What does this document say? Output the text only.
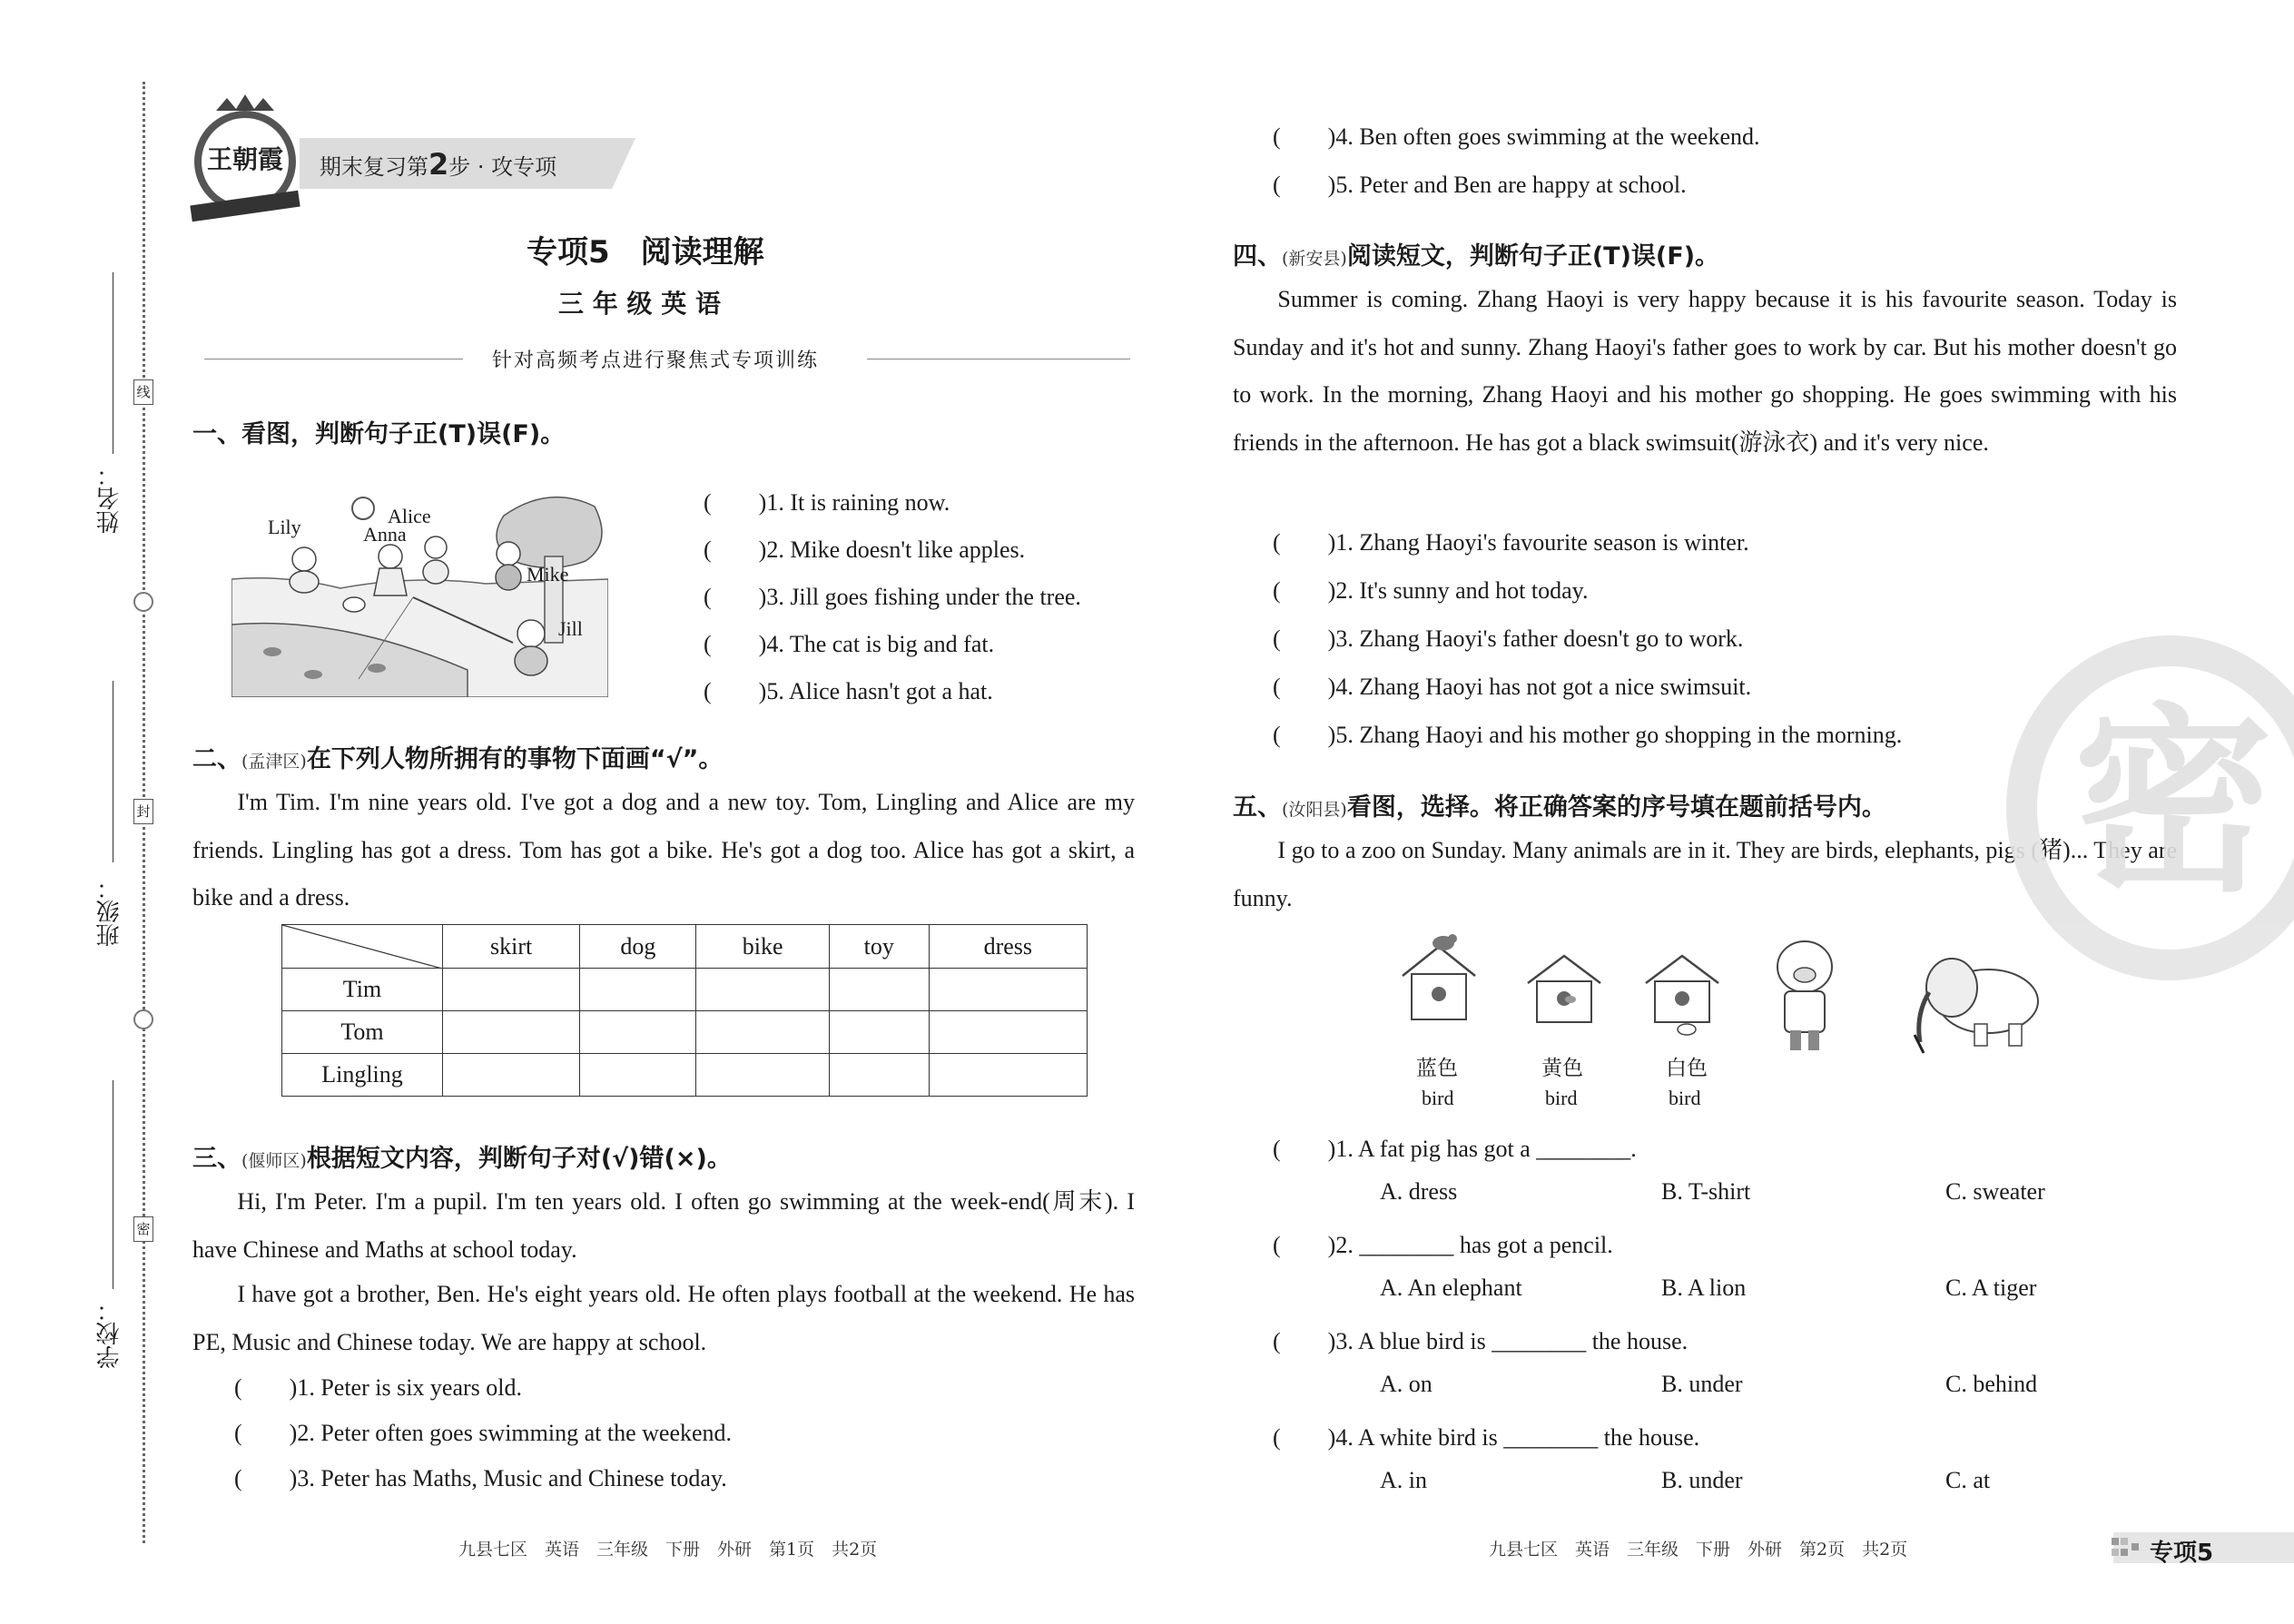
姓名：
班级：
学校：
线
封
密
王朝霞 期末复习第2步 · 攻专项
专项5　阅读理解
三 年 级 英 语
针对高频考点进行聚焦式专项训练
一、看图，判断句子正(T)误(F)。
Lily	Alice
Anna
Mike
Jill
(　　)1. It is raining now.
(　　)2. Mike doesn't like apples.
(　　)3. Jill goes fishing under the tree.
(　　)4. The cat is big and fat.
(　　)5. Alice hasn't got a hat.
二、(孟津区)在下列人物所拥有的事物下面画“√”。
I'm Tim. I'm nine years old. I've got a dog and a new toy. Tom, Lingling and Alice are my friends. Lingling has got a dress. Tom has got a bike. He's got a dog too. Alice has got a skirt, a bike and a dress.
	skirt	dog	bike	toy	dress
Tim					
Tom					
Lingling					
三、(偃师区)根据短文内容，判断句子对(√)错(×)。
Hi, I'm Peter. I'm a pupil. I'm ten years old. I often go swimming at the week-end(周末). I have Chinese and Maths at school today.
I have got a brother, Ben. He's eight years old. He often plays football at the weekend. He has PE, Music and Chinese today. We are happy at school.
(　　)1. Peter is six years old.
(　　)2. Peter often goes swimming at the weekend.
(　　)3. Peter has Maths, Music and Chinese today.
九县七区　英语　三年级　下册　外研　第1页　共2页
(　　)4. Ben often goes swimming at the weekend.
(　　)5. Peter and Ben are happy at school.
四、(新安县)阅读短文，判断句子正(T)误(F)。
Summer is coming. Zhang Haoyi is very happy because it is his favourite season. Today is Sunday and it's hot and sunny. Zhang Haoyi's father goes to work by car. But his mother doesn't go to work. In the morning, Zhang Haoyi and his mother go shopping. He goes swimming with his friends in the afternoon. He has got a black swimsuit(游泳衣) and it's very nice.
(　　)1. Zhang Haoyi's favourite season is winter.
(　　)2. It's sunny and hot today.
(　　)3. Zhang Haoyi's father doesn't go to work.
(　　)4. Zhang Haoyi has not got a nice swimsuit.
(　　)5. Zhang Haoyi and his mother go shopping in the morning.
五、(汝阳县)看图，选择。将正确答案的序号填在题前括号内。
I go to a zoo on Sunday. Many animals are in it. They are birds, elephants, pigs (猪)... They are funny.
蓝色
bird
黄色
bird
白色
bird
(　　)1. A fat pig has got a ________.
A. dress	B. T-shirt	C. sweater
(　　)2. ________ has got a pencil.
A. An elephant	B. A lion	C. A tiger
(　　)3. A blue bird is ________ the house.
A. on	B. under	C. behind
(　　)4. A white bird is ________ the house.
A. in	B. under	C. at
密
九县七区　英语　三年级　下册　外研　第2页　共2页	专项5
